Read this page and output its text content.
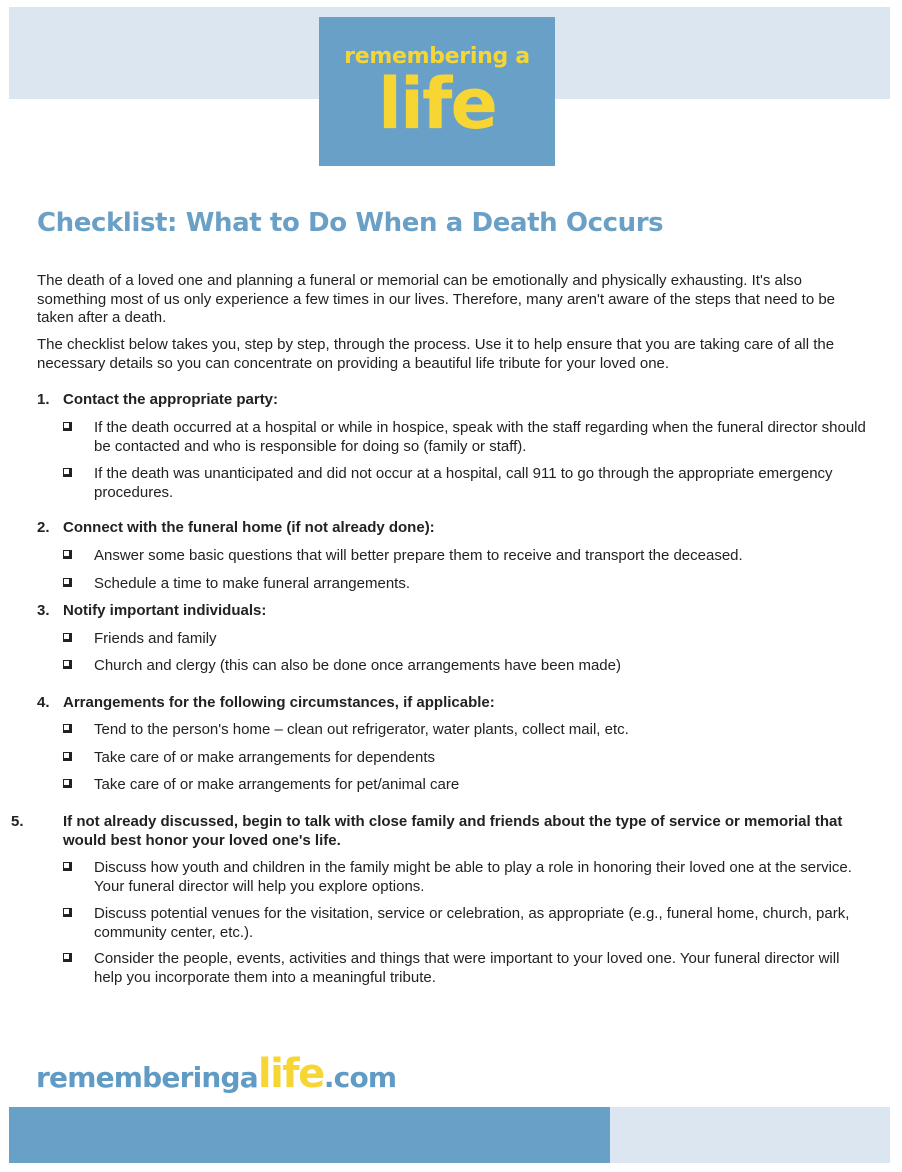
remembering a
life
Checklist: What to Do When a Death Occurs

The death of a loved one and planning a funeral or memorial can be emotionally and physically exhausting. It's also something most of us only experience a few times in our lives. Therefore, many aren't aware of the steps that need to be taken after a death.

The checklist below takes you, step by step, through the process. Use it to help ensure that you are taking care of all the necessary details so you can concentrate on providing a beautiful life tribute for your loved one.

1. Contact the appropriate party:
If the death occurred at a hospital or while in hospice, speak with the staff regarding when the funeral director should be contacted and who is responsible for doing so (family or staff).
If the death was unanticipated and did not occur at a hospital, call 911 to go through the appropriate emergency procedures.
2. Connect with the funeral home (if not already done):
Answer some basic questions that will better prepare them to receive and transport the deceased.
Schedule a time to make funeral arrangements.
3. Notify important individuals:
Friends and family
Church and clergy (this can also be done once arrangements have been made)
4. Arrangements for the following circumstances, if applicable:
Tend to the person's home – clean out refrigerator, water plants, collect mail, etc.
Take care of or make arrangements for dependents
Take care of or make arrangements for pet/animal care
5.	If not already discussed, begin to talk with close family and friends about the type of service or memorial that would best honor your loved one's life.
Discuss how youth and children in the family might be able to play a role in honoring their loved one at the service. Your funeral director will help you explore options.
Discuss potential venues for the visitation, service or celebration, as appropriate (e.g., funeral home, church, park, community center, etc.).
Consider the people, events, activities and things that were important to your loved one. Your funeral director will help you incorporate them into a meaningful tribute.
rememberingalife.com
